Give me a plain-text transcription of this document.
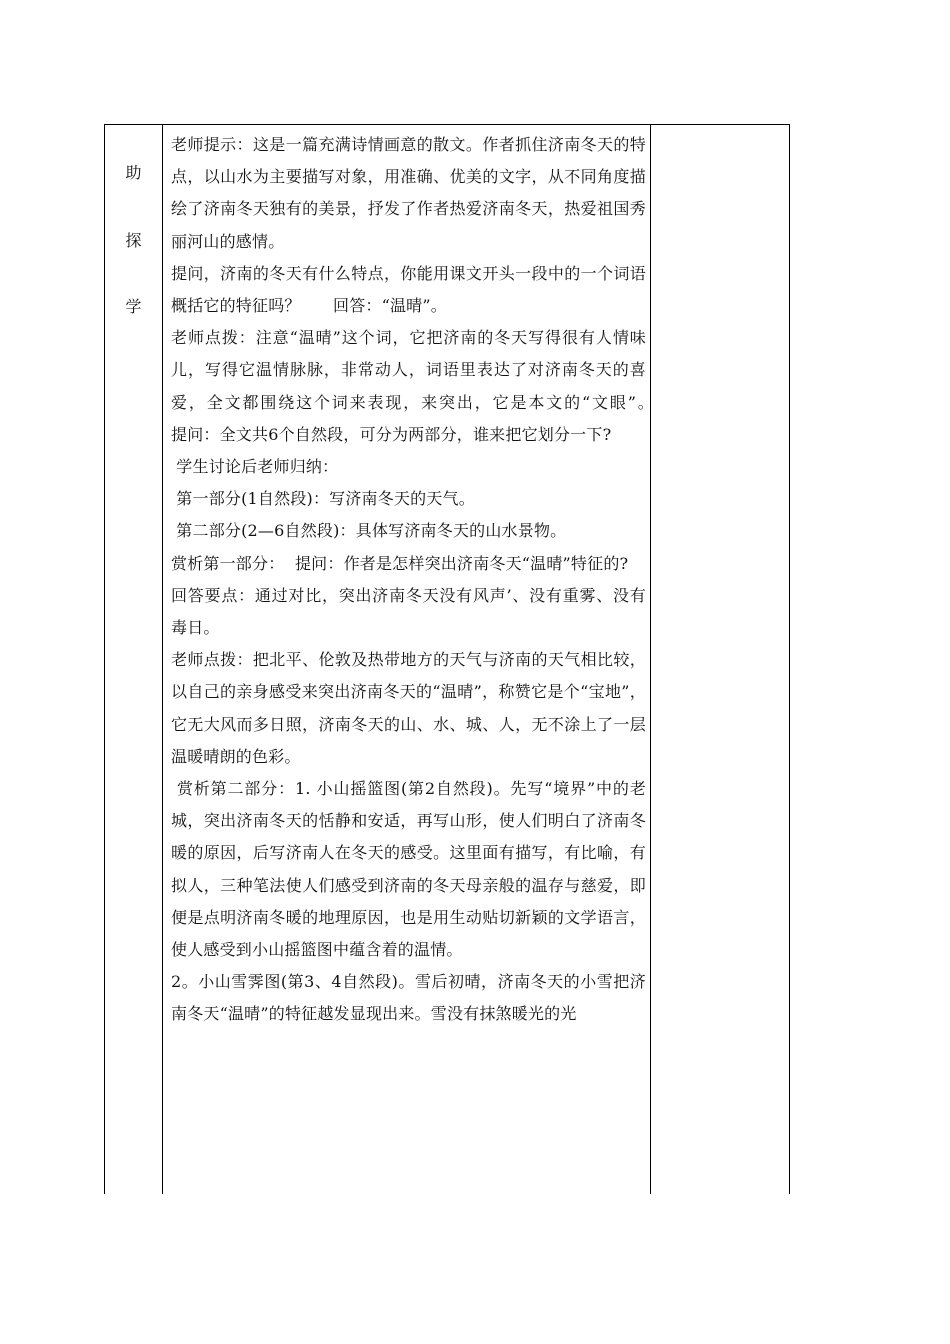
助
探
学

老师提示：这是一篇充满诗情画意的散文。作者抓住济南冬天的特点，以山水为主要描写对象，用准确、优美的文字，从不同角度描绘了济南冬天独有的美景，抒发了作者热爱济南冬天，热爱祖国秀丽河山的感情。

提问，济南的冬天有什么特点，你能用课文开头一段中的一个词语概括它的特征吗？　　回答：“温晴”。

老师点拨：注意“温晴”这个词，它把济南的冬天写得很有人情味儿，写得它温情脉脉，非常动人，词语里表达了对济南冬天的喜爱，全文都围绕这个词来表现，来突出，它是本文的“文眼”。　　　提问：全文共6个自然段，可分为两部分，谁来把它划分一下?

学生讨论后老师归纳：

第一部分(1自然段)：写济南冬天的天气。

第二部分(2—6自然段)：具体写济南冬天的山水景物。

赏析第一部分：  提问：作者是怎样突出济南冬天“温晴”特征的?

回答要点：通过对比，突出济南冬天没有风声’、没有重雾、没有毒日。

老师点拨：把北平、伦敦及热带地方的天气与济南的天气相比较，以自己的亲身感受来突出济南冬天的“温晴”，称赞它是个“宝地”，它无大风而多日照，济南冬天的山、水、城、人，无不涂上了一层温暖晴朗的色彩。

赏析第二部分：1. 小山摇篮图(第2自然段)。先写“境界”中的老城，突出济南冬天的恬静和安适，再写山形，使人们明白了济南冬暖的原因，后写济南人在冬天的感受。这里面有描写，有比喻，有拟人，三种笔法使人们感受到济南的冬天母亲般的温存与慈爱，即便是点明济南冬暖的地理原因，也是用生动贴切新颖的文学语言，使人感受到小山摇篮图中蕴含着的温情。

2。小山雪霁图(第3、4自然段)。雪后初晴，济南冬天的小雪把济南冬天“温晴”的特征越发显现出来。雪没有抹煞暖光的光
